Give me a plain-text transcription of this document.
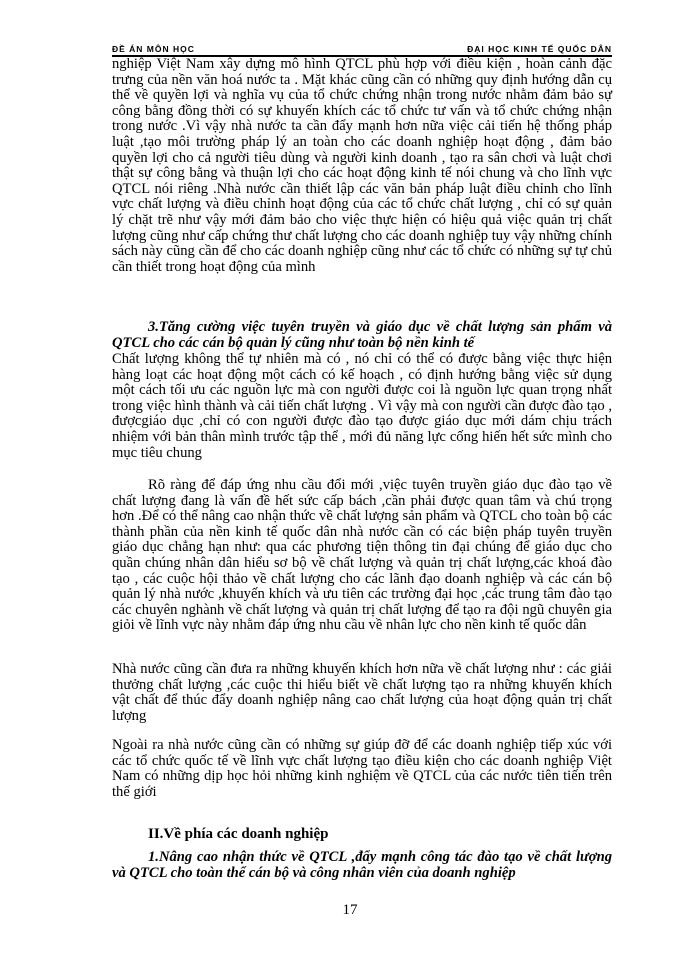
ĐỀ ÁN MÔN HỌC	ĐẠI HỌC KINH TẾ QUỐC DÂN

nghiệp Việt Nam xây dựng mô hình QTCL phù hợp với điều kiện , hoàn cảnh đặc trưng của nền văn hoá nước ta . Mặt khác cũng cần có những quy định hướng dẫn cụ thể về quyền lợi và nghĩa vụ của tổ chức chứng nhận trong nước nhằm đảm bảo sự công bằng đồng thời có sự khuyến khích các tổ chức tư vấn và tổ chức chứng nhận trong nước .Vì vậy nhà nước ta cần đẩy mạnh hơn nữa việc cải tiến hệ thống pháp luật ,tạo môi trường pháp lý an toàn cho các doanh nghiệp hoạt động , đảm bảo quyền lợi cho cả người tiêu dùng và người kinh doanh , tạo ra sân chơi và luật chơi thật sự công bằng và thuận lợi cho các hoạt động kinh tế nói chung và cho lĩnh vực QTCL nói riêng .Nhà nước cần thiết lập các văn bản pháp luật điều chỉnh cho lĩnh vực chất lượng và điều chỉnh hoạt động của các tổ chức chất lượng , chỉ có sự quản lý chặt trẽ như vậy mới đảm bảo cho việc thực hiện có hiệu quả việc quản trị chất lượng cũng như cấp chứng thư chất lượng cho các doanh nghiệp tuy vậy những chính sách này cũng cần để cho các doanh nghiệp cũng như các tổ chức có những sự tự chủ cần thiết trong hoạt động của mình

3.Tăng cường việc tuyên truyền và giáo dục về chất lượng sản phẩm và QTCL cho các cán bộ quản lý cũng như toàn bộ nền kinh tế

Chất lượng không thể tự nhiên mà có , nó chỉ có thể có được bằng việc thực hiện hàng loạt các hoạt động một cách có kế hoạch , có định hướng bằng việc sử dụng một cách tối ưu các nguồn lực mà con người được coi là nguồn lực quan trọng nhất trong việc hình thành và cải tiến chất lượng . Vì vậy mà con người cần được đào tạo , đượcgiáo dục ,chỉ có con người được đào tạo được giáo dục mới dám chịu trách nhiệm với bản thân mình trước tập thể , mới đủ năng lực cống hiến hết sức mình cho mục tiêu chung

Rõ ràng để đáp ứng nhu cầu đổi mới ,việc tuyên truyền giáo dục đào tạo về chất lượng đang là vấn đề hết sức cấp bách ,cần phải được quan tâm và chú trọng hơn .Để có thể nâng cao nhận thức về chất lượng sản phẩm và QTCL cho toàn bộ các thành phần của nền kinh tế quốc dân nhà nước cần có các biện pháp tuyên truyền giáo dục chẳng hạn như: qua các phương tiện thông tin đại chúng để giáo dục cho quần chúng nhân dân hiểu sơ bộ về chất lượng và quản trị chất lượng,các khoá đào tạo , các cuộc hội thảo về chất lượng cho các lãnh đạo doanh nghiệp và các cán bộ quản lý nhà nước ,khuyến khích và ưu tiên các trường đại học ,các trung tâm đào tạo các chuyên nghành về chất lượng và quản trị chất lượng để tạo ra đội ngũ chuyên gia giỏi về lĩnh vực này nhằm đáp ứng nhu cầu về nhân lực cho nền kinh tế quốc dân

Nhà nước cũng cần đưa ra những khuyến khích hơn nữa về chất lượng như : các giải thưởng chất lượng ,các cuộc thi hiểu biết về chất lượng tạo ra những khuyến khích vật chất để thúc đẩy doanh nghiệp nâng cao chất lượng của hoạt động quản trị chất lượng

Ngoài ra nhà nước cũng cần có những sự giúp đỡ để các doanh nghiệp tiếp xúc với các tổ chức quốc tế về lĩnh vực chất lượng tạo điều kiện cho các doanh nghiệp Việt Nam có những dịp học hỏi những kinh nghiệm về QTCL của các nước tiên tiến trên thế giới

II.Về phía các doanh nghiệp

1.Nâng cao nhận thức về QTCL ,đẩy mạnh công tác đào tạo về chất lượng và QTCL cho toàn thể cán bộ và công nhân viên của doanh nghiệp

17
